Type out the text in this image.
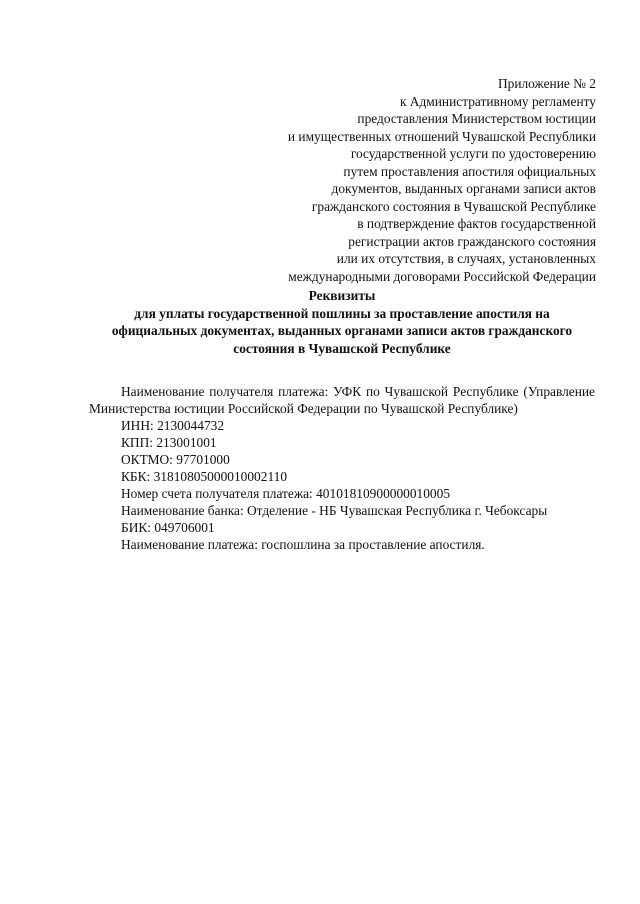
Приложение № 2
к Административному регламенту
предоставления Министерством юстиции
и имущественных отношений Чувашской Республики
государственной услуги по удостоверению
путем проставления апостиля официальных
документов, выданных органами записи актов
гражданского состояния в Чувашской Республике
в подтверждение фактов государственной
регистрации актов гражданского состояния
или их отсутствия, в случаях, установленных
международными договорами Российской Федерации
Реквизиты
для уплаты государственной пошлины за проставление апостиля на
официальных документах, выданных органами записи актов гражданского
состояния в Чувашской Республике

Наименование получателя платежа: УФК по Чувашской Республике (Управление Министерства юстиции Российской Федерации по Чувашской Республике)

ИНН: 2130044732
КПП: 213001001
ОКТМО: 97701000
КБК: 31810805000010002110
Номер счета получателя платежа: 40101810900000010005
Наименование банка: Отделение - НБ Чувашская Республика г. Чебоксары
БИК: 049706001
Наименование платежа: госпошлина за проставление апостиля.
